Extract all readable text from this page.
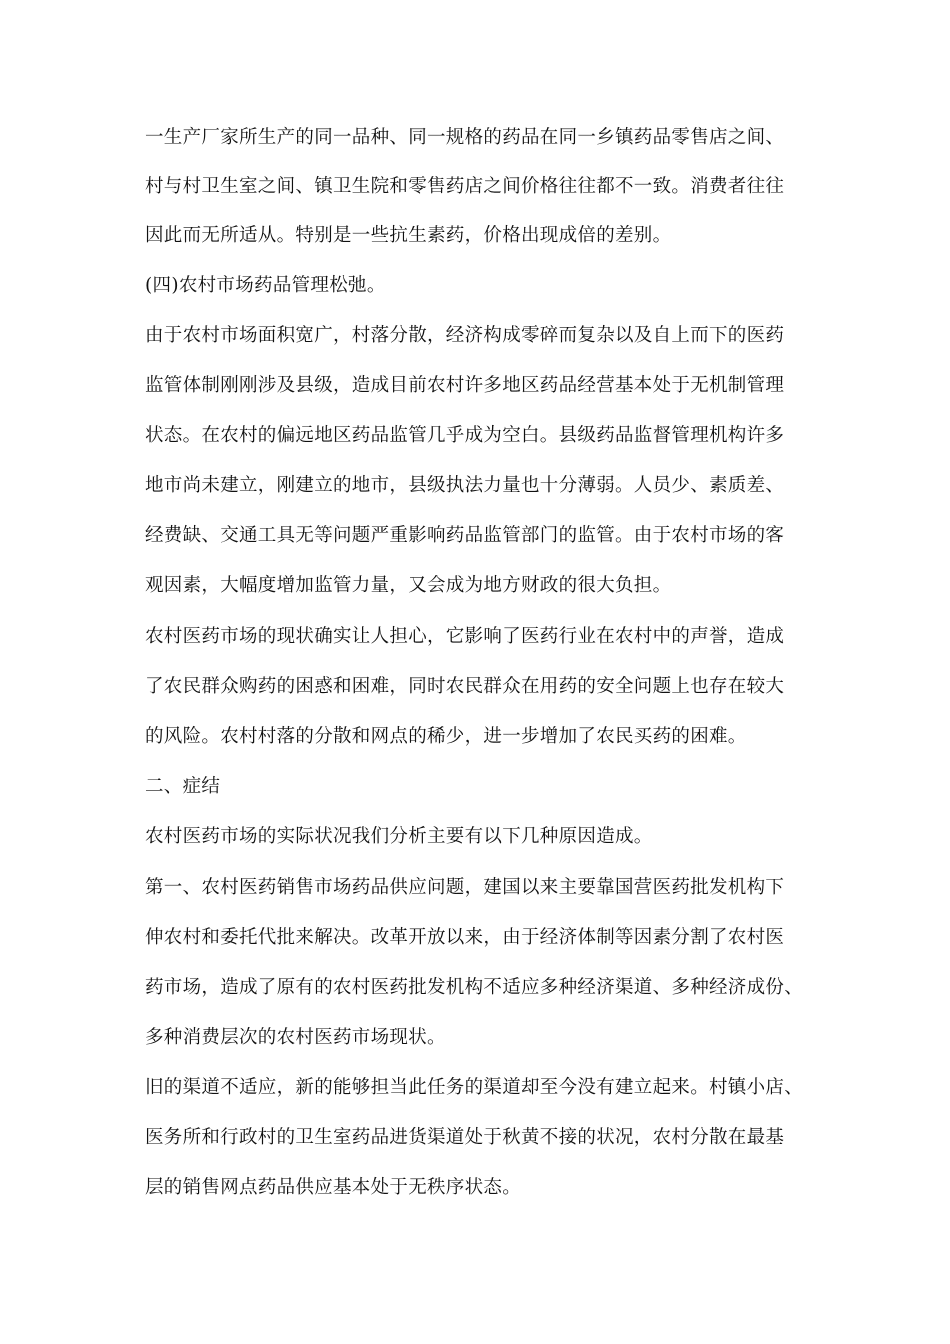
一生产厂家所生产的同一品种、同一规格的药品在同一乡镇药品零售店之间、
村与村卫生室之间、镇卫生院和零售药店之间价格往往都不一致。消费者往往
因此而无所适从。特别是一些抗生素药，价格出现成倍的差别。
(四)农村市场药品管理松弛。
由于农村市场面积宽广，村落分散，经济构成零碎而复杂以及自上而下的医药
监管体制刚刚涉及县级，造成目前农村许多地区药品经营基本处于无机制管理
状态。在农村的偏远地区药品监管几乎成为空白。县级药品监督管理机构许多
地市尚未建立，刚建立的地市，县级执法力量也十分薄弱。人员少、素质差、
经费缺、交通工具无等问题严重影响药品监管部门的监管。由于农村市场的客
观因素，大幅度增加监管力量，又会成为地方财政的很大负担。
农村医药市场的现状确实让人担心，它影响了医药行业在农村中的声誉，造成
了农民群众购药的困惑和困难，同时农民群众在用药的安全问题上也存在较大
的风险。农村村落的分散和网点的稀少，进一步增加了农民买药的困难。
二、症结
农村医药市场的实际状况我们分析主要有以下几种原因造成。
第一、农村医药销售市场药品供应问题，建国以来主要靠国营医药批发机构下
伸农村和委托代批来解决。改革开放以来，由于经济体制等因素分割了农村医
药市场，造成了原有的农村医药批发机构不适应多种经济渠道、多种经济成份、
多种消费层次的农村医药市场现状。
旧的渠道不适应，新的能够担当此任务的渠道却至今没有建立起来。村镇小店、
医务所和行政村的卫生室药品进货渠道处于秋黄不接的状况，农村分散在最基
层的销售网点药品供应基本处于无秩序状态。
